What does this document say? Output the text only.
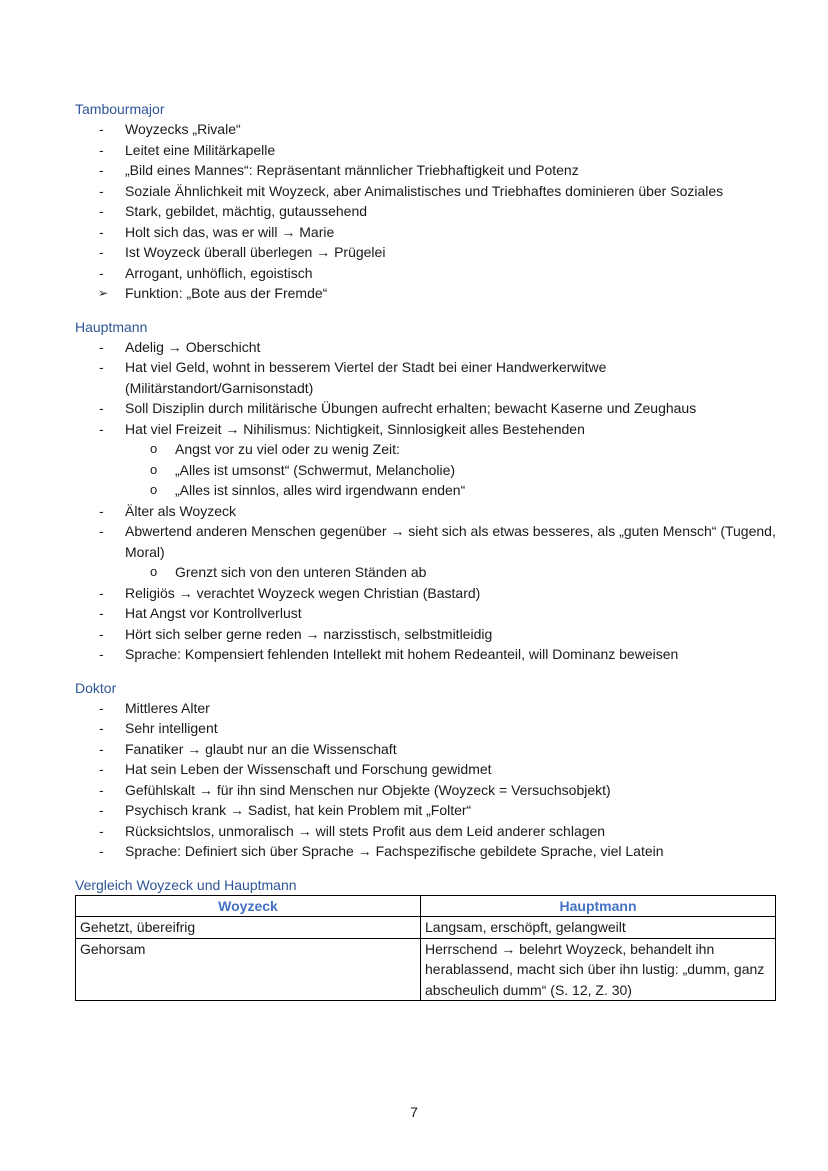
Tambourmajor

-	Woyzecks „Rivale“
-	Leitet eine Militärkapelle
-	„Bild eines Mannes“: Repräsentant männlicher Triebhaftigkeit und Potenz
-	Soziale Ähnlichkeit mit Woyzeck, aber Animalistisches und Triebhaftes dominieren über Soziales
-	Stark, gebildet, mächtig, gutaussehend
-	Holt sich das, was er will → Marie
-	Ist Woyzeck überall überlegen → Prügelei
-	Arrogant, unhöflich, egoistisch
➢ Funktion: „Bote aus der Fremde“

Hauptmann

-	Adelig → Oberschicht
-	Hat viel Geld, wohnt in besserem Viertel der Stadt bei einer Handwerkerwitwe (Militärstandort/Garnisonstadt)
-	Soll Disziplin durch militärische Übungen aufrecht erhalten; bewacht Kaserne und Zeughaus
-	Hat viel Freizeit → Nihilismus: Nichtigkeit, Sinnlosigkeit alles Bestehenden
o	Angst vor zu viel oder zu wenig Zeit:
o	„Alles ist umsonst“ (Schwermut, Melancholie)
o	„Alles ist sinnlos, alles wird irgendwann enden“
-	Älter als Woyzeck
-	Abwertend anderen Menschen gegenüber → sieht sich als etwas besseres, als „guten Mensch“ (Tugend, Moral)
o	Grenzt sich von den unteren Ständen ab
-	Religiös → verachtet Woyzeck wegen Christian (Bastard)
-	Hat Angst vor Kontrollverlust
-	Hört sich selber gerne reden → narzisstisch, selbstmitleidig
-	Sprache: Kompensiert fehlenden Intellekt mit hohem Redeanteil, will Dominanz beweisen

Doktor

-	Mittleres Alter
-	Sehr intelligent
-	Fanatiker → glaubt nur an die Wissenschaft
-	Hat sein Leben der Wissenschaft und Forschung gewidmet
-	Gefühlskalt → für ihn sind Menschen nur Objekte (Woyzeck = Versuchsobjekt)
-	Psychisch krank → Sadist, hat kein Problem mit „Folter“
-	Rücksichtslos, unmoralisch → will stets Profit aus dem Leid anderer schlagen
-	Sprache: Definiert sich über Sprache → Fachspezifische gebildete Sprache, viel Latein

Vergleich Woyzeck und Hauptmann

Woyzeck	Hauptmann
Gehetzt, übereifrig	Langsam, erschöpft, gelangweilt
Gehorsam	Herrschend → belehrt Woyzeck, behandelt ihn herablassend, macht sich über ihn lustig: „dumm, ganz abscheulich dumm“ (S. 12, Z. 30)
7
